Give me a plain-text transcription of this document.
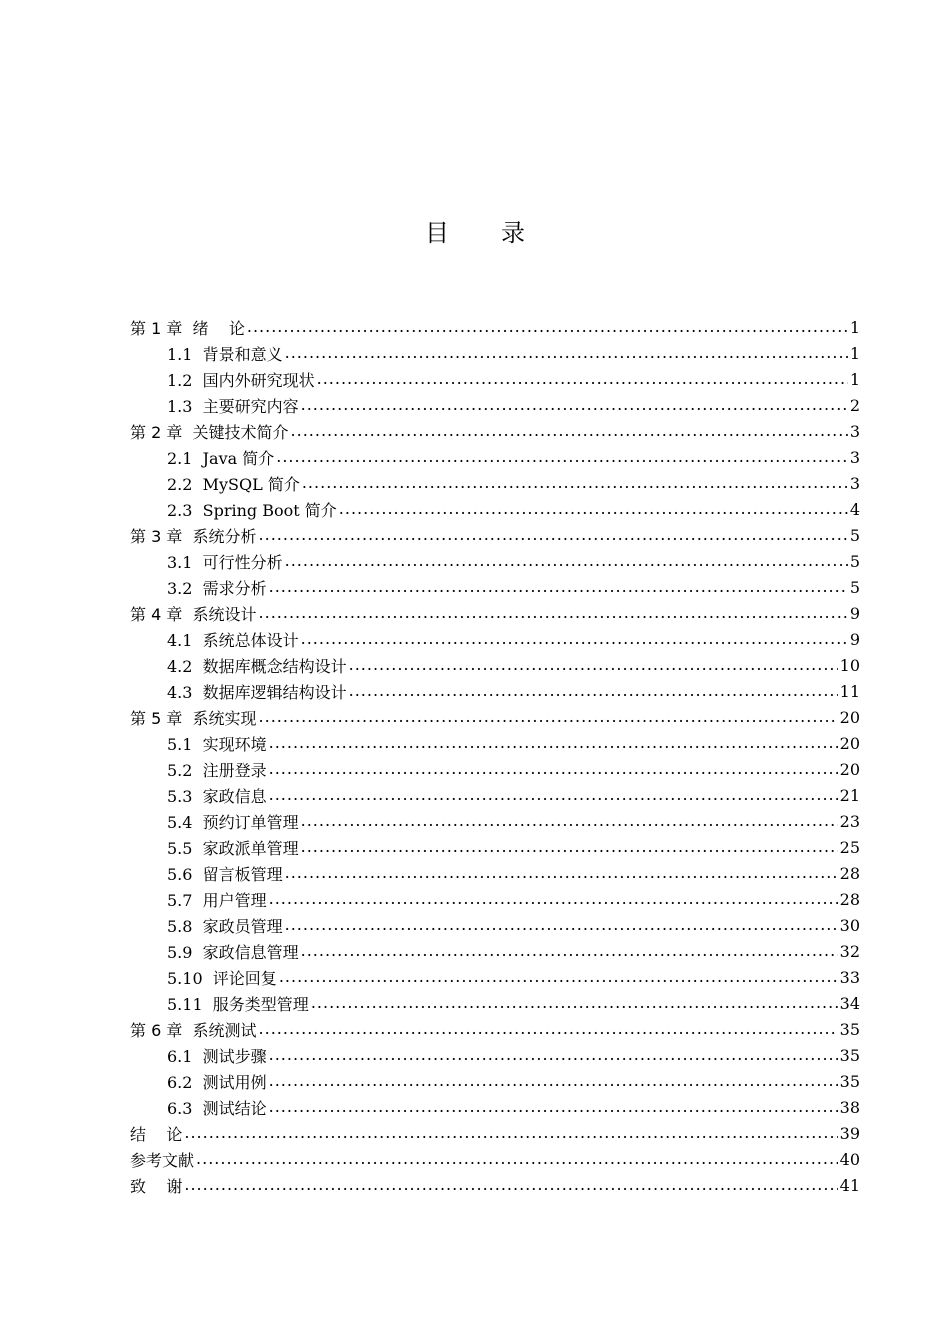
目 录
第 1 章  绪    论 .....	1
1.1  背景和意义 .....	1
1.2  国内外研究现状 .....	1
1.3  主要研究内容 .....	2
第 2 章  关键技术简介 .....	3
2.1  Java 简介 .....	3
2.2  MySQL 简介 .....	3
2.3  Spring Boot 简介 .....	4
第 3 章  系统分析 .....	5
3.1  可行性分析 .....	5
3.2  需求分析 .....	5
第 4 章  系统设计 .....	9
4.1  系统总体设计 .....	9
4.2  数据库概念结构设计 .....	10
4.3  数据库逻辑结构设计 .....	11
第 5 章  系统实现 .....	20
5.1  实现环境 .....	20
5.2  注册登录 .....	20
5.3  家政信息 .....	21
5.4  预约订单管理 .....	23
5.5  家政派单管理 .....	25
5.6  留言板管理 .....	28
5.7  用户管理 .....	28
5.8  家政员管理 .....	30
5.9  家政信息管理 .....	32
5.10  评论回复 .....	33
5.11  服务类型管理 .....	34
第 6 章  系统测试 .....	35
6.1  测试步骤 .....	35
6.2  测试用例 .....	35
6.3  测试结论 .....	38
结    论 .....	39
参考文献 .....	40
致    谢 .....	41
